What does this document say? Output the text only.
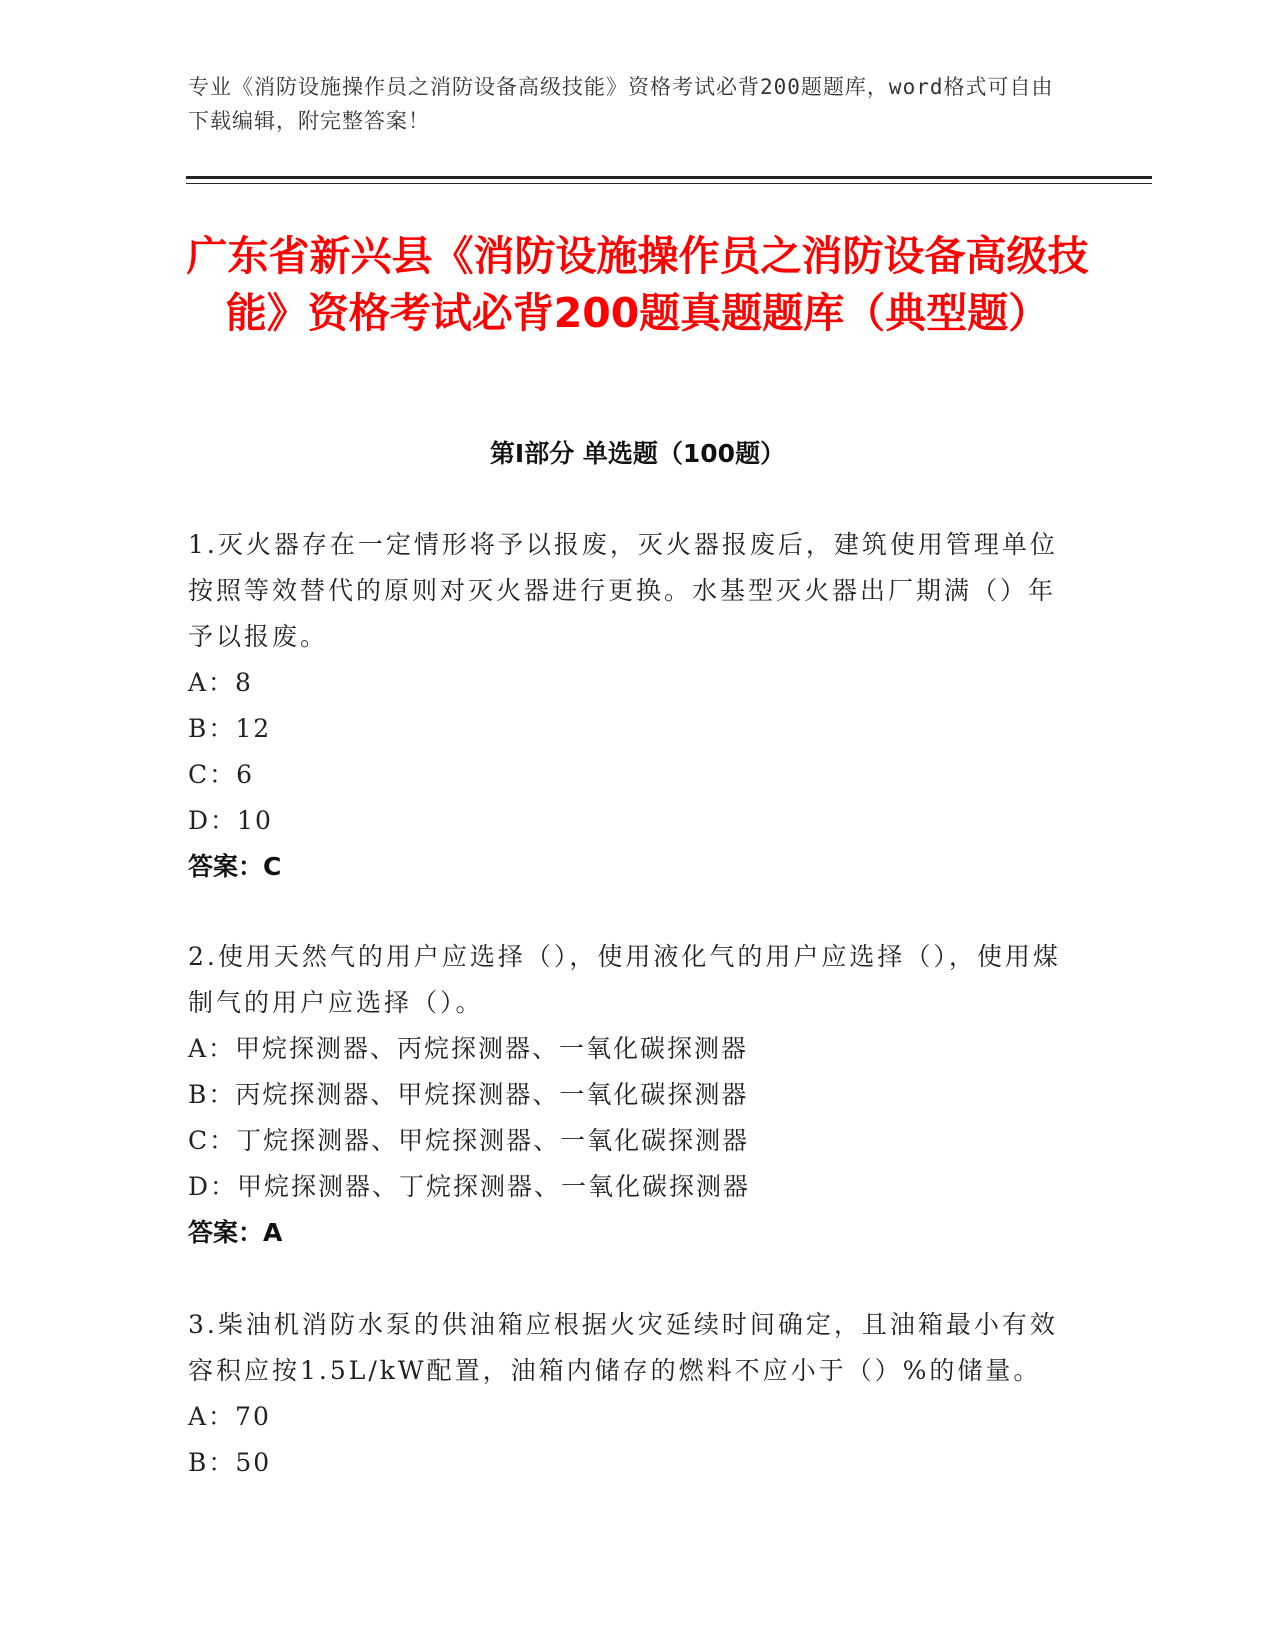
专业《消防设施操作员之消防设备高级技能》资格考试必背200题题库，word格式可自由下载编辑，附完整答案！
广东省新兴县《消防设施操作员之消防设备高级技能》资格考试必背200题真题题库（典型题）
第Ⅰ部分 单选题（100题）
1.灭火器存在一定情形将予以报废，灭火器报废后，建筑使用管理单位按照等效替代的原则对灭火器进行更换。水基型灭火器出厂期满（）年予以报废。
A：8
B：12
C：6
D：10
答案：C
2.使用天然气的用户应选择（），使用液化气的用户应选择（），使用煤制气的用户应选择（）。
A：甲烷探测器、丙烷探测器、一氧化碳探测器
B：丙烷探测器、甲烷探测器、一氧化碳探测器
C：丁烷探测器、甲烷探测器、一氧化碳探测器
D：甲烷探测器、丁烷探测器、一氧化碳探测器
答案：A
3.柴油机消防水泵的供油箱应根据火灾延续时间确定，且油箱最小有效容积应按1.5L/kW配置，油箱内储存的燃料不应小于（）%的储量。
A：70
B：50
